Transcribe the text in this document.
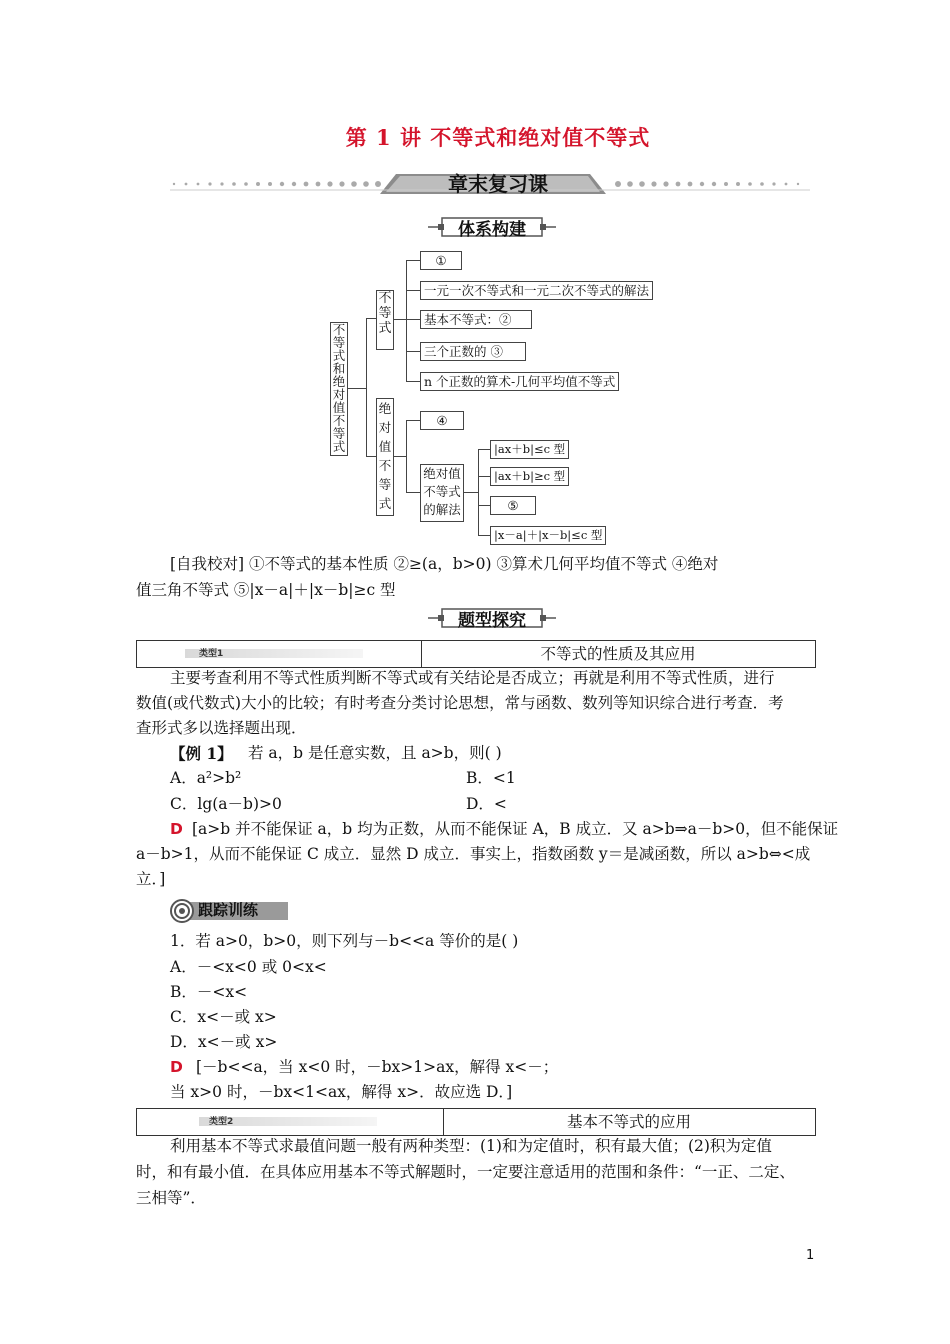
第 1 讲 不等式和绝对值不等式
章末复习课
体系构建
不等式和绝对值不等式
不等式
①
一元一次不等式和一元二次不等式的解法
基本不等式：②
三个正数的 ③
n 个正数的算术-几何平均值不等式
绝对值不等式
④
绝对值不等式的解法
|ax＋b|≤c 型
|ax＋b|≥c 型
⑤
|x－a|＋|x－b|≤c 型
[自我校对] ①不等式的基本性质 ②≥(a，b>0) ③算术几何平均值不等式 ④绝对
值三角不等式 ⑤|x－a|＋|x－b|≥c 型
题型探究
类型1	不等式的性质及其应用
主要考查利用不等式性质判断不等式或有关结论是否成立；再就是利用不等式性质，进行
数值(或代数式)大小的比较；有时考查分类讨论思想，常与函数、数列等知识综合进行考查．考
查形式多以选择题出现．
【例 1】 若 a，b 是任意实数，且 a>b，则( )
A．a²>b²	B．<1
C．lg(a－b)>0	D．<
D [a>b 并不能保证 a，b 均为正数，从而不能保证 A，B 成立．又 a>b⇒a－b>0，但不能保证
a－b>1，从而不能保证 C 成立．显然 D 成立．事实上，指数函数 y＝是减函数，所以 a>b⇔<成
立．]
跟踪训练
1．若 a>0，b>0，则下列与－b<<a 等价的是( )
A．－<x<0 或 0<x<
B．－<x<
C．x<－或 x>
D．x<－或 x>
D [－b<<a，当 x<0 时，－bx>1>ax，解得 x<－；
当 x>0 时，－bx<1<ax，解得 x>．故应选 D．]
类型2	基本不等式的应用
利用基本不等式求最值问题一般有两种类型：(1)和为定值时，积有最大值；(2)积为定值
时，和有最小值．在具体应用基本不等式解题时，一定要注意适用的范围和条件：“一正、二定、
三相等”．
1
